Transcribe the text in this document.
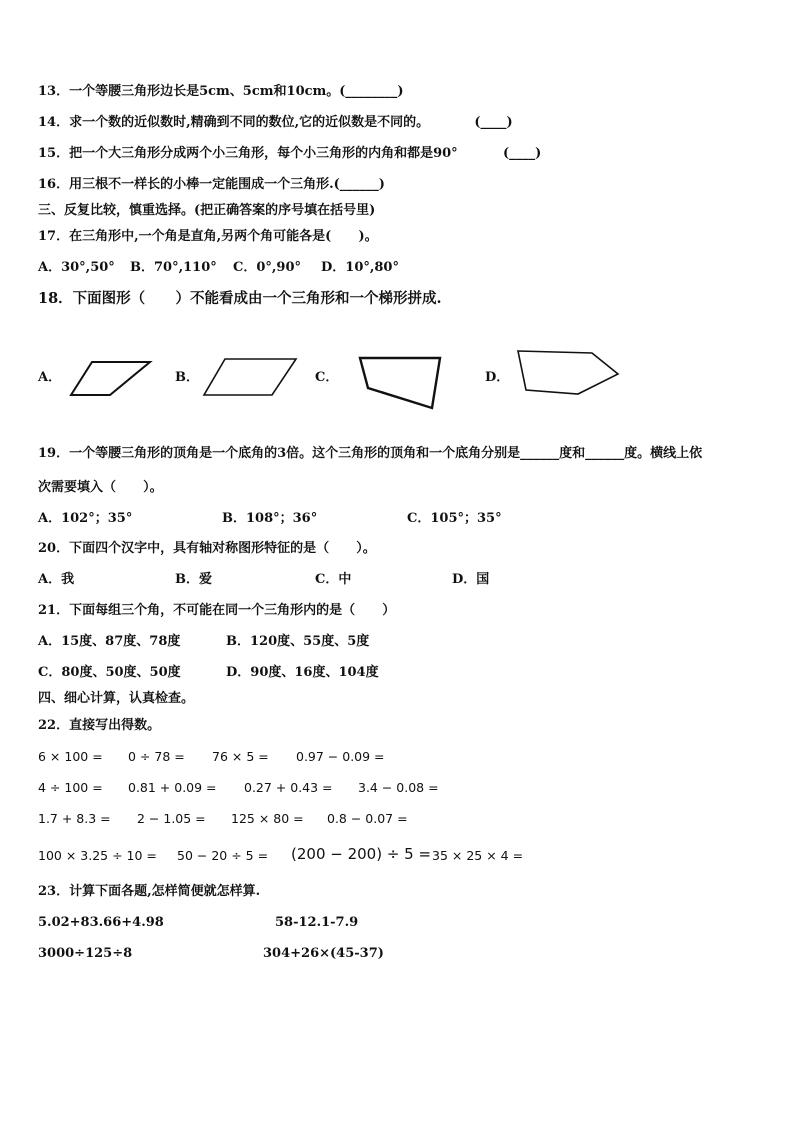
13．一个等腰三角形边长是5cm、5cm和10cm。(________)
14．求一个数的近似数时,精确到不同的数位,它的近似数是不同的。          (____)
15．把一个大三角形分成两个小三角形，每个小三角形的内角和都是90°          (____)
16．用三根不一样长的小棒一定能围成一个三角形.(______)
三、反复比较，慎重选择。(把正确答案的序号填在括号里)
17．在三角形中,一个角是直角,另两个角可能各是(      )。
A．30°,50° B．70°,110° C．0°,90° D．10°,80°
18．下面图形（      ）不能看成由一个三角形和一个梯形拼成.
A．	B．	C．	D．
19．一个等腰三角形的顶角是一个底角的3倍。这个三角形的顶角和一个底角分别是______度和______度。横线上依
次需要填入（      ）。
A．102°；35°	B．108°；36°	C．105°；35°
20．下面四个汉字中，具有轴对称图形特征的是（      ）。
A．我	B．爱	C．中	D．国
21．下面每组三个角，不可能在同一个三角形内的是（      ）
A．15度、87度、78度	B．120度、55度、5度
C．80度、50度、50度	D．90度、16度、104度
四、细心计算，认真检查。
22．直接写出得数。
6 × 100 = 0 ÷ 78 = 76 × 5 = 0.97 − 0.09 =
4 ÷ 100 = 0.81 + 0.09 = 0.27 + 0.43 = 3.4 − 0.08 =
1.7 + 8.3 = 2 − 1.05 = 125 × 80 = 0.8 − 0.07 =
100 × 3.25 ÷ 10 = 50 − 20 ÷ 5 = (200 − 200) ÷ 5 = 35 × 25 × 4 =
23．计算下面各题,怎样简便就怎样算.
5.02+83.66+4.98	58-12.1-7.9
3000÷125÷8	304+26×(45-37)
